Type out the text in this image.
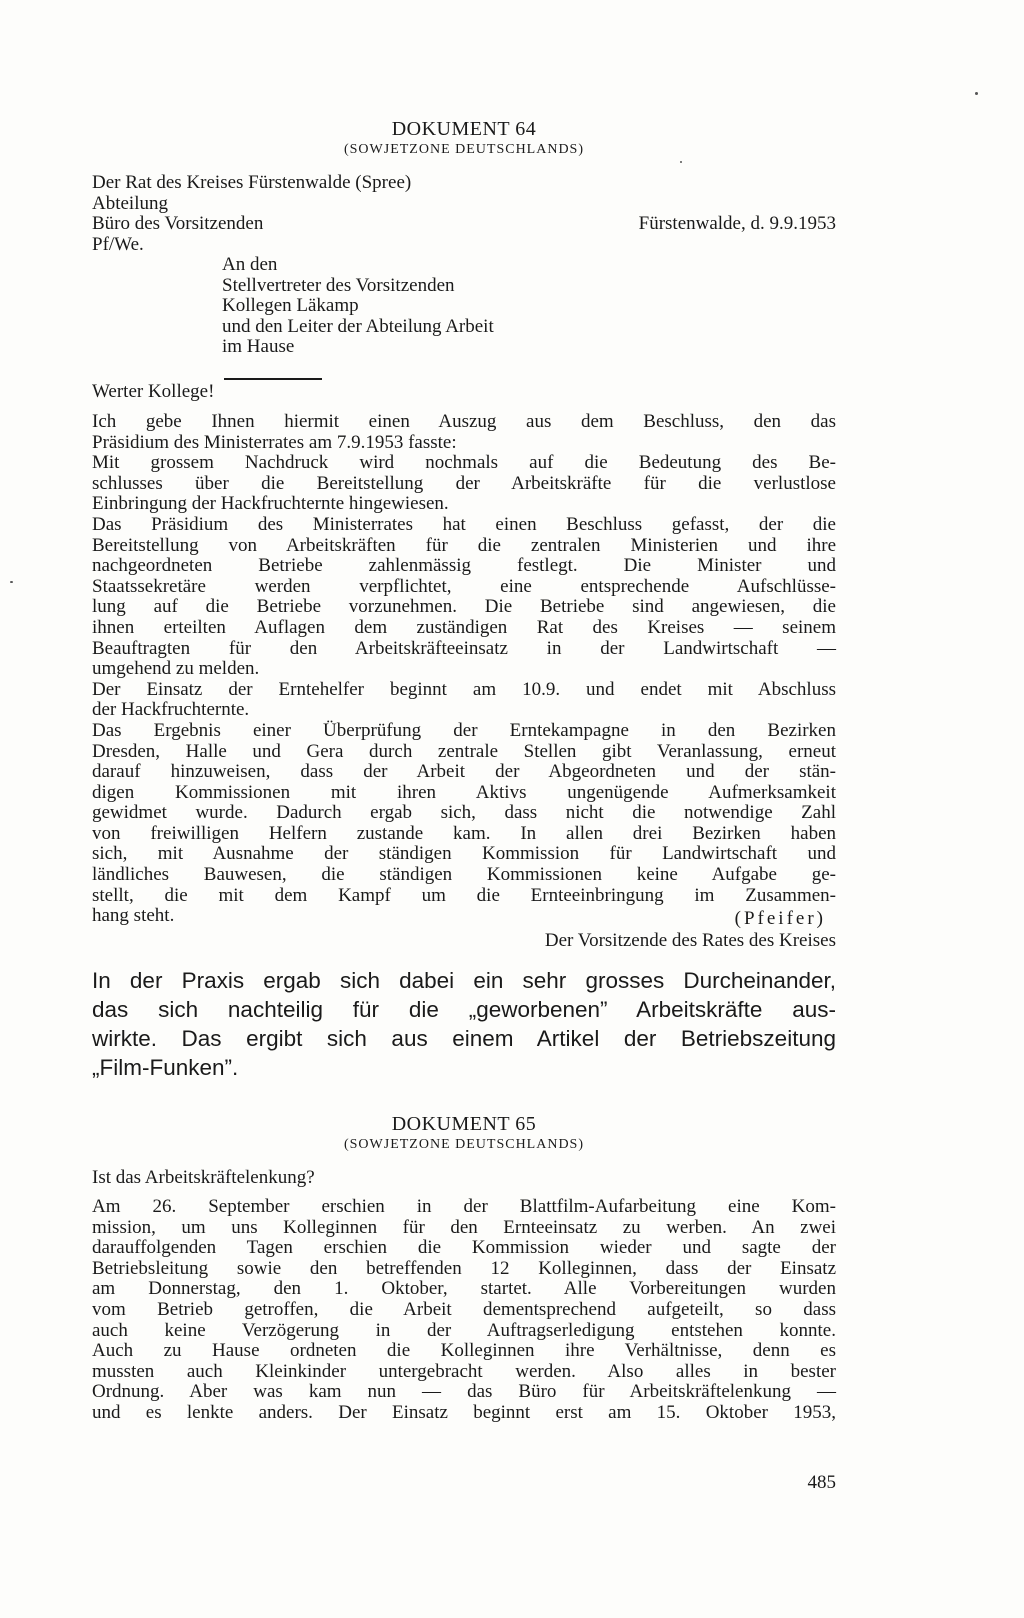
DOKUMENT 64
(SOWJETZONE DEUTSCHLANDS)
Der Rat des Kreises Fürstenwalde (Spree)
Abteilung
Büro des Vorsitzenden	Fürstenwalde, d. 9.9.1953
Pf/We.
An den
Stellvertreter des Vorsitzenden
Kollegen Läkamp
und den Leiter der Abteilung Arbeit
im Hause
Werter Kollege!
Ich gebe Ihnen hiermit einen Auszug aus dem Beschluss, den das
Präsidium des Ministerrates am 7.9.1953 fasste:
Mit grossem Nachdruck wird nochmals auf die Bedeutung des Be-
schlusses über die Bereitstellung der Arbeitskräfte für die verlustlose
Einbringung der Hackfruchternte hingewiesen.
Das Präsidium des Ministerrates hat einen Beschluss gefasst, der die
Bereitstellung von Arbeitskräften für die zentralen Ministerien und ihre
nachgeordneten Betriebe zahlenmässig festlegt. Die Minister und
Staatssekretäre werden verpflichtet, eine entsprechende Aufschlüsse-
lung auf die Betriebe vorzunehmen. Die Betriebe sind angewiesen, die
ihnen erteilten Auflagen dem zuständigen Rat des Kreises — seinem
Beauftragten für den Arbeitskräfteeinsatz in der Landwirtschaft —
umgehend zu melden.
Der Einsatz der Erntehelfer beginnt am 10.9. und endet mit Abschluss
der Hackfruchternte.
Das Ergebnis einer Überprüfung der Erntekampagne in den Bezirken
Dresden, Halle und Gera durch zentrale Stellen gibt Veranlassung, erneut
darauf hinzuweisen, dass der Arbeit der Abgeordneten und der stän-
digen Kommissionen mit ihren Aktivs ungenügende Aufmerksamkeit
gewidmet wurde. Dadurch ergab sich, dass nicht die notwendige Zahl
von freiwilligen Helfern zustande kam. In allen drei Bezirken haben
sich, mit Ausnahme der ständigen Kommission für Landwirtschaft und
ländliches Bauwesen, die ständigen Kommissionen keine Aufgabe ge-
stellt, die mit dem Kampf um die Ernteeinbringung im Zusammen-
hang steht.	(Pfeifer)
Der Vorsitzende des Rates des Kreises
In der Praxis ergab sich dabei ein sehr grosses Durcheinander,
das sich nachteilig für die „geworbenen” Arbeitskräfte aus-
wirkte. Das ergibt sich aus einem Artikel der Betriebszeitung
„Film-Funken”.
DOKUMENT 65
(SOWJETZONE DEUTSCHLANDS)
Ist das Arbeitskräftelenkung?
Am 26. September erschien in der Blattfilm-Aufarbeitung eine Kom-
mission, um uns Kolleginnen für den Ernteeinsatz zu werben. An zwei
darauffolgenden Tagen erschien die Kommission wieder und sagte der
Betriebsleitung sowie den betreffenden 12 Kolleginnen, dass der Einsatz
am Donnerstag, den 1. Oktober, startet. Alle Vorbereitungen wurden
vom Betrieb getroffen, die Arbeit dementsprechend aufgeteilt, so dass
auch keine Verzögerung in der Auftragserledigung entstehen konnte.
Auch zu Hause ordneten die Kolleginnen ihre Verhältnisse, denn es
mussten auch Kleinkinder untergebracht werden. Also alles in bester
Ordnung. Aber was kam nun — das Büro für Arbeitskräftelenkung —
und es lenkte anders. Der Einsatz beginnt erst am 15. Oktober 1953,
485
